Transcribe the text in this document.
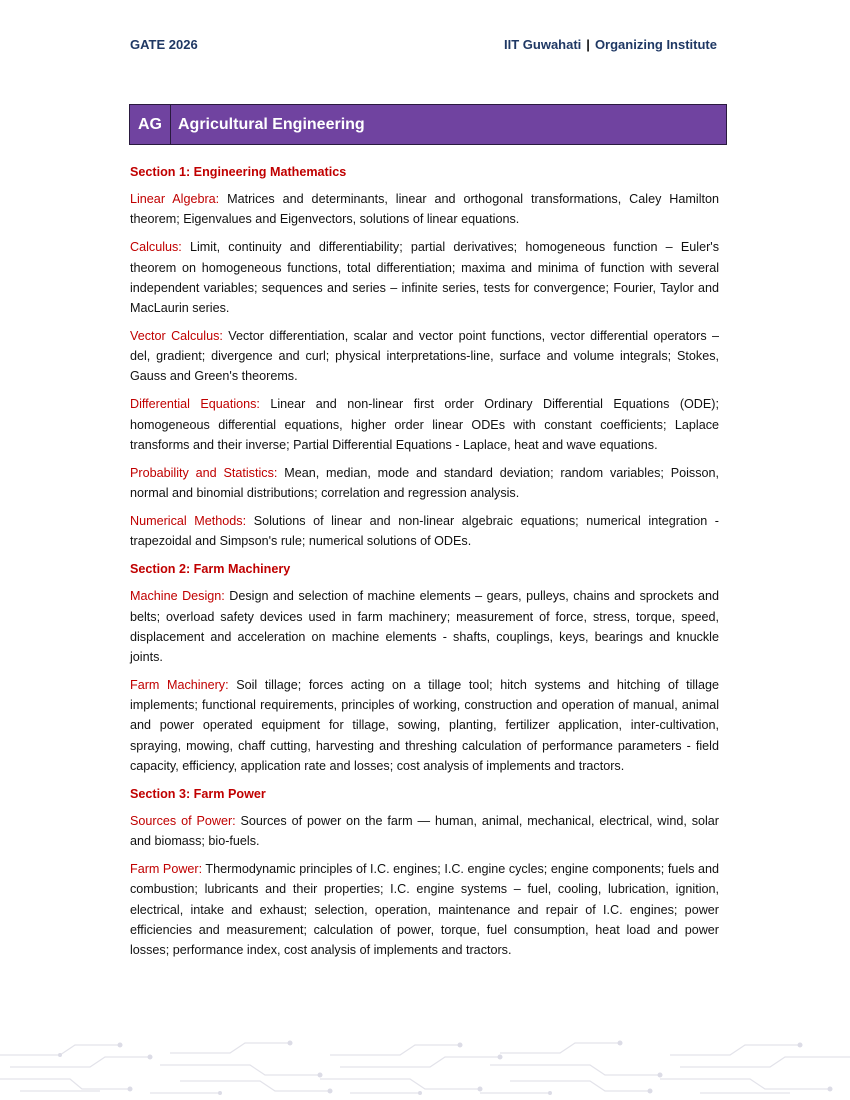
GATE 2026	IIT Guwahati | Organizing Institute
AG	Agricultural Engineering
Section 1: Engineering Mathematics

Linear Algebra: Matrices and determinants, linear and orthogonal transformations, Caley Hamilton theorem; Eigenvalues and Eigenvectors, solutions of linear equations.

Calculus: Limit, continuity and differentiability; partial derivatives; homogeneous function – Euler's theorem on homogeneous functions, total differentiation; maxima and minima of function with several independent variables; sequences and series – infinite series, tests for convergence; Fourier, Taylor and MacLaurin series.

Vector Calculus: Vector differentiation, scalar and vector point functions, vector differential operators – del, gradient; divergence and curl; physical interpretations-line, surface and volume integrals; Stokes, Gauss and Green's theorems.

Differential Equations: Linear and non-linear first order Ordinary Differential Equations (ODE); homogeneous differential equations, higher order linear ODEs with constant coefficients; Laplace transforms and their inverse; Partial Differential Equations - Laplace, heat and wave equations.

Probability and Statistics: Mean, median, mode and standard deviation; random variables; Poisson, normal and binomial distributions; correlation and regression analysis.

Numerical Methods: Solutions of linear and non-linear algebraic equations; numerical integration - trapezoidal and Simpson's rule; numerical solutions of ODEs.

Section 2: Farm Machinery

Machine Design: Design and selection of machine elements – gears, pulleys, chains and sprockets and belts; overload safety devices used in farm machinery; measurement of force, stress, torque, speed, displacement and acceleration on machine elements - shafts, couplings, keys, bearings and knuckle joints.

Farm Machinery: Soil tillage; forces acting on a tillage tool; hitch systems and hitching of tillage implements; functional requirements, principles of working, construction and operation of manual, animal and power operated equipment for tillage, sowing, planting, fertilizer application, inter-cultivation, spraying, mowing, chaff cutting, harvesting and threshing calculation of performance parameters - field capacity, efficiency, application rate and losses; cost analysis of implements and tractors.

Section 3: Farm Power

Sources of Power: Sources of power on the farm — human, animal, mechanical, electrical, wind, solar and biomass; bio-fuels.

Farm Power: Thermodynamic principles of I.C. engines; I.C. engine cycles; engine components; fuels and combustion; lubricants and their properties; I.C. engine systems – fuel, cooling, lubrication, ignition, electrical, intake and exhaust; selection, operation, maintenance and repair of I.C. engines; power efficiencies and measurement; calculation of power, torque, fuel consumption, heat load and power losses; performance index, cost analysis of implements and tractors.
